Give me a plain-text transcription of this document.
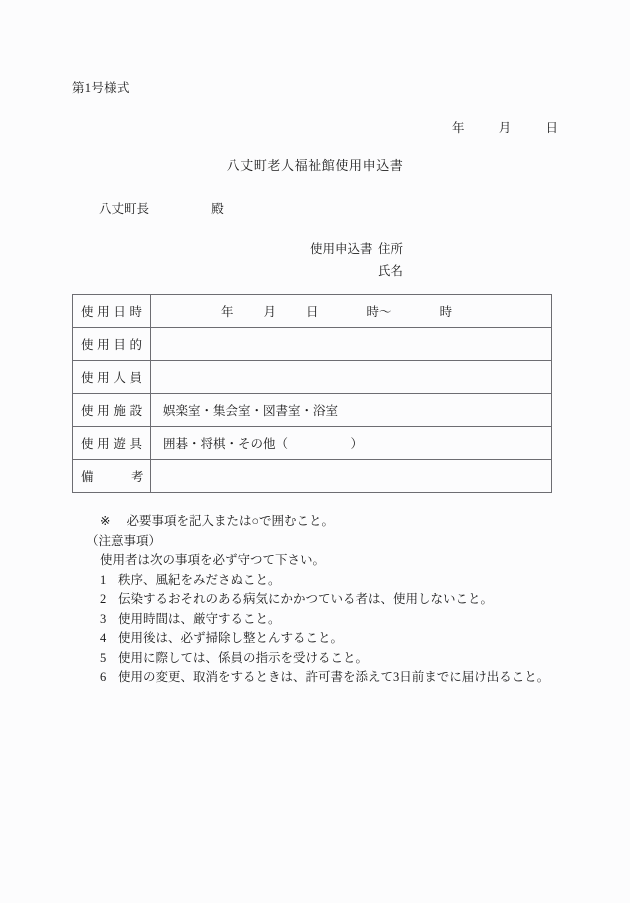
第1号様式
年	月	日
八丈町老人福祉館使用申込書
八丈町長	殿
使用申込書 住所
氏名
使 用 日 時	年 月 日 時〜 時
使 用 目 的	
使 用 人 員	
使 用 施 設	娯楽室・集会室・図書室・浴室
使 用 遊 具	囲碁・将棋・その他（　　　　　）
備　　　考	
※ 必要事項を記入または○で囲むこと。
（注意事項）
使用者は次の事項を必ず守つて下さい。
1 秩序、風紀をみださぬこと。
2 伝染するおそれのある病気にかかつている者は、使用しないこと。
3 使用時間は、厳守すること。
4 使用後は、必ず掃除し整とんすること。
5 使用に際しては、係員の指示を受けること。
6 使用の変更、取消をするときは、許可書を添えて3日前までに届け出ること。
